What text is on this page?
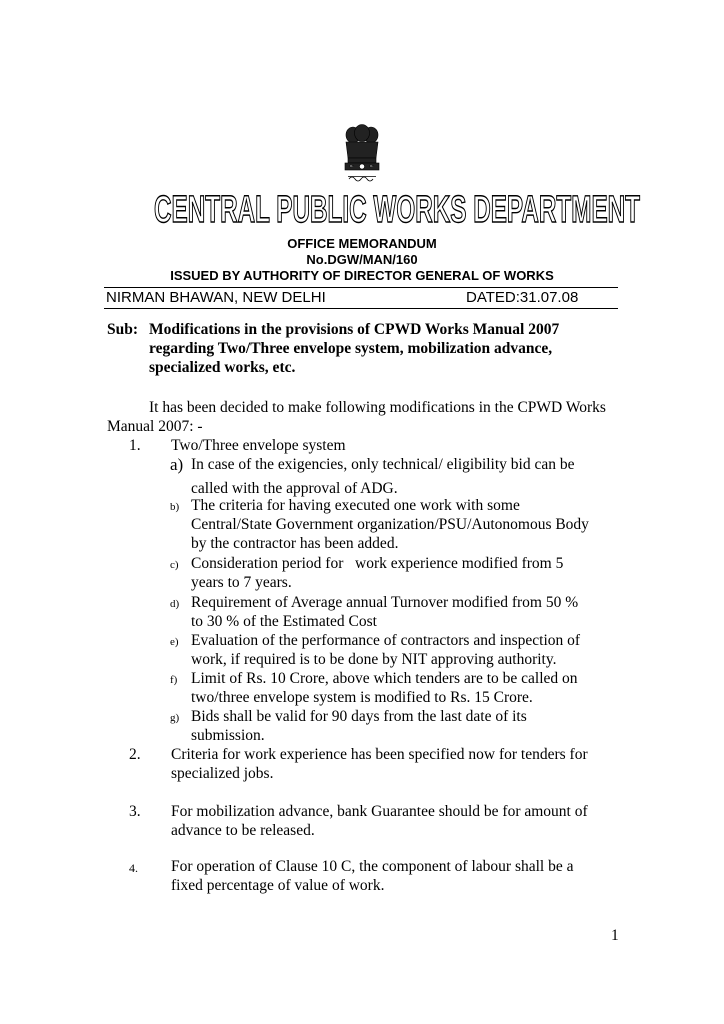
CENTRAL PUBLIC WORKS DEPARTMENT
OFFICE MEMORANDUM
No.DGW/MAN/160
ISSUED BY AUTHORITY OF DIRECTOR GENERAL OF WORKS
NIRMAN BHAWAN, NEW DELHI	DATED:31.07.08
Sub: Modifications in the provisions of CPWD Works Manual 2007
regarding Two/Three envelope system, mobilization advance,
specialized works, etc.
It has been decided to make following modifications in the CPWD Works Manual 2007: -
1. Two/Three envelope system
a) In case of the exigencies, only technical/ eligibility bid can be
called with the approval of ADG.
b) The criteria for having executed one work with some
Central/State Government organization/PSU/Autonomous Body
by the contractor has been added.
c) Consideration period for   work experience modified from 5
years to 7 years.
d) Requirement of Average annual Turnover modified from 50 %
to 30 % of the Estimated Cost
e) Evaluation of the performance of contractors and inspection of
work, if required is to be done by NIT approving authority.
f) Limit of Rs. 10 Crore, above which tenders are to be called on
two/three envelope system is modified to Rs. 15 Crore.
g) Bids shall be valid for 90 days from the last date of its
submission.
2. Criteria for work experience has been specified now for tenders for
specialized jobs.
3. For mobilization advance, bank Guarantee should be for amount of
advance to be released.
4. For operation of Clause 10 C, the component of labour shall be a
fixed percentage of value of work.
1
